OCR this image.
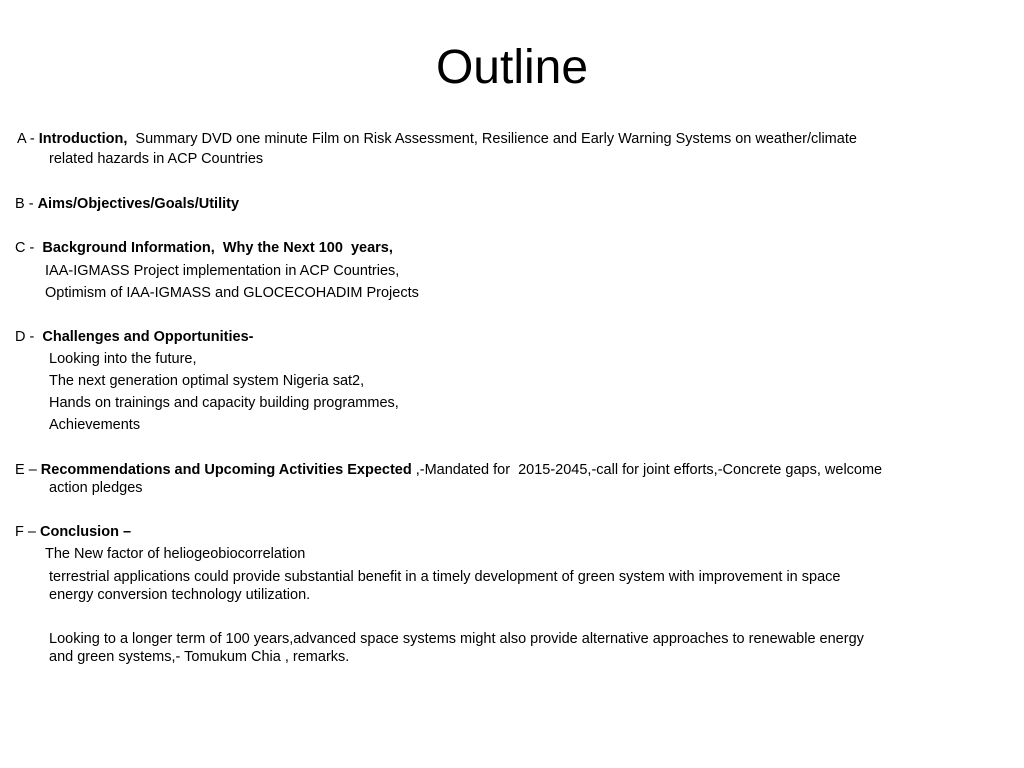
Outline
A - Introduction,  Summary DVD one minute Film on Risk Assessment, Resilience and Early Warning Systems on weather/climate
related hazards in ACP Countries
B - Aims/Objectives/Goals/Utility
C -  Background Information,  Why the Next 100  years,
IAA-IGMASS Project implementation in ACP Countries,
Optimism of IAA-IGMASS and GLOCECOHADIM Projects
D -  Challenges and Opportunities-
Looking into the future,
The next generation optimal system Nigeria sat2,
Hands on trainings and capacity building programmes,
Achievements
E – Recommendations and Upcoming Activities Expected ,-Mandated for  2015-2045,-call for joint efforts,-Concrete gaps, welcome
action pledges
F – Conclusion –
The New factor of heliogeobiocorrelation
terrestrial applications could provide substantial benefit in a timely development of green system with improvement in space
energy conversion technology utilization.
Looking to a longer term of 100 years,advanced space systems might also provide alternative approaches to renewable energy
and green systems,- Tomukum Chia , remarks.
